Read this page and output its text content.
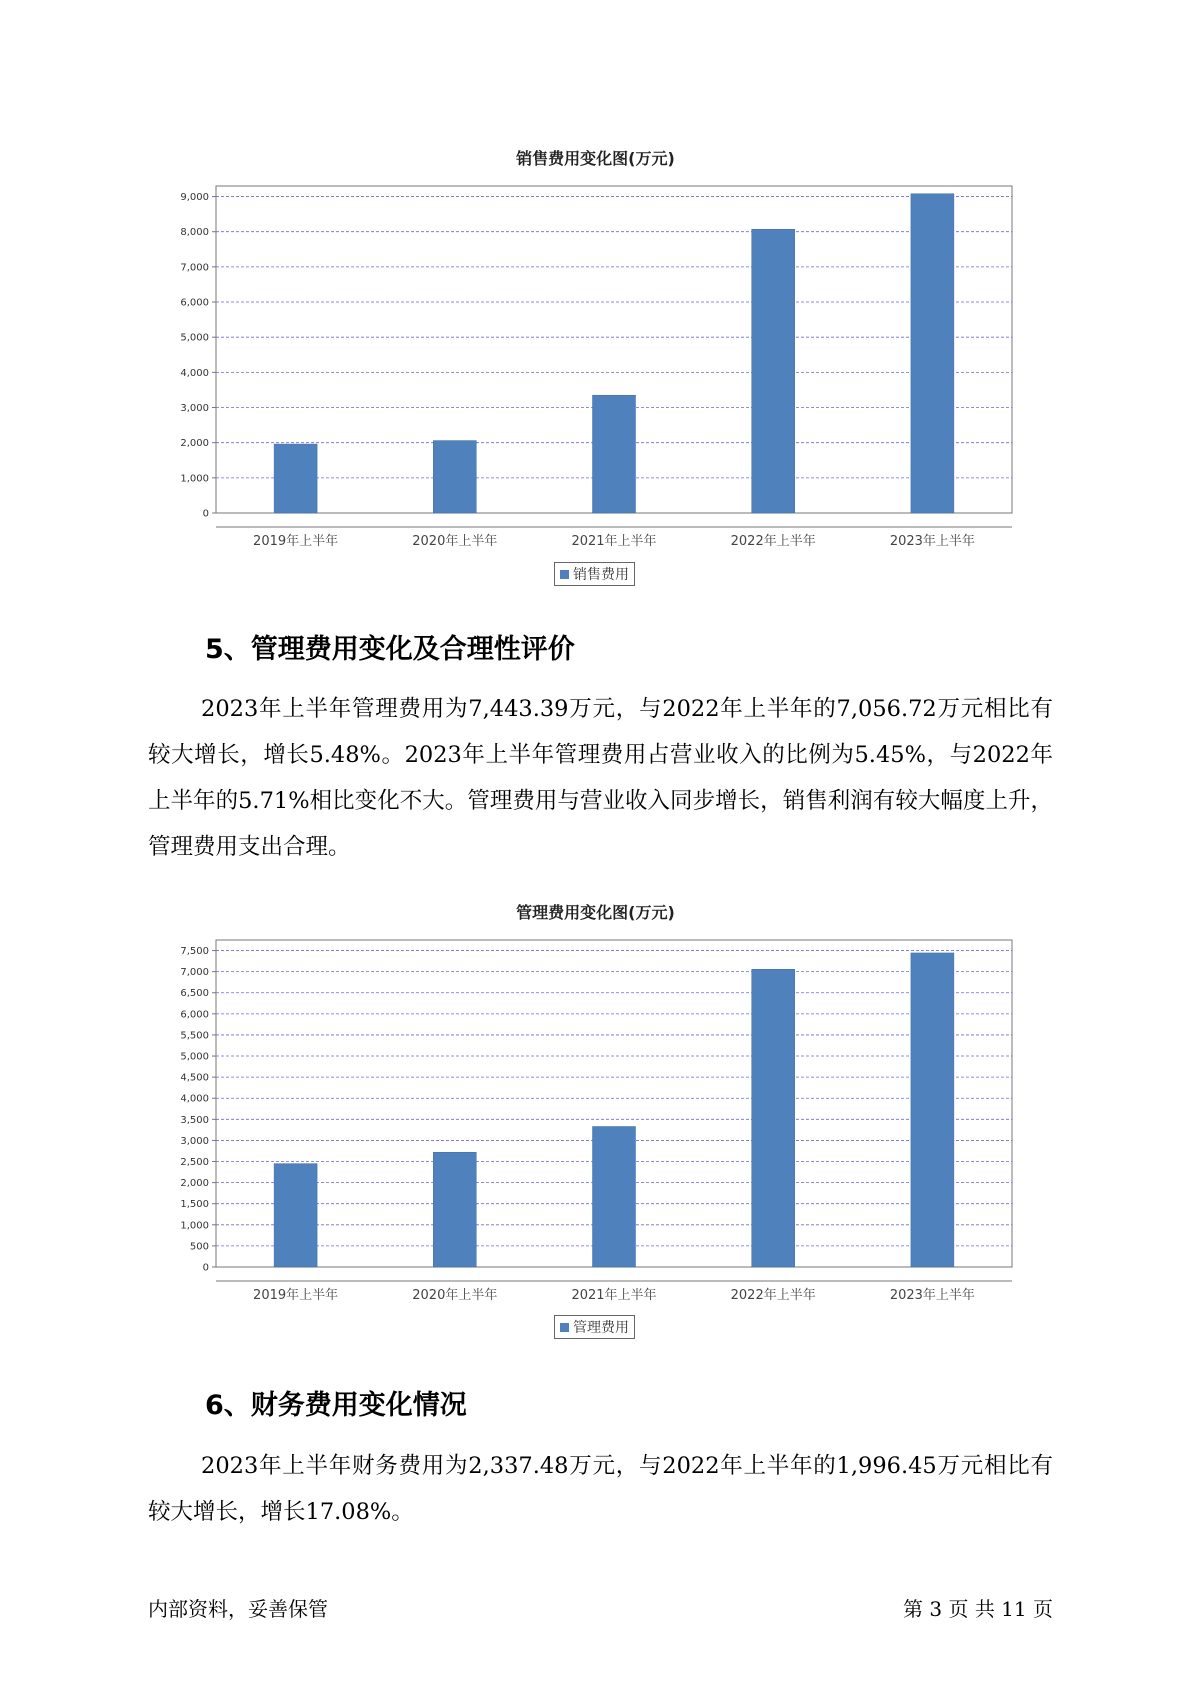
销售费用变化图(万元)
0
1,000
2,000
3,000
4,000
5,000
6,000
7,000
8,000
9,000
2019年上半年	2020年上半年	2021年上半年	2022年上半年	2023年上半年
销售费用
5、管理费用变化及合理性评价

2023年上半年管理费用为7,443.39万元，与2022年上半年的7,056.72万元相比有较大增长，增长5.48%。2023年上半年管理费用占营业收入的比例为5.45%，与2022年上半年的5.71%相比变化不大。管理费用与营业收入同步增长，销售利润有较大幅度上升，管理费用支出合理。

管理费用变化图(万元)
0
500
1,000
1,500
2,000
2,500
3,000
3,500
4,000
4,500
5,000
5,500
6,000
6,500
7,000
7,500
2019年上半年	2020年上半年	2021年上半年	2022年上半年	2023年上半年
管理费用
6、财务费用变化情况

2023年上半年财务费用为2,337.48万元，与2022年上半年的1,996.45万元相比有较大增长，增长17.08%。

内部资料，妥善保管	第 3 页 共 11 页
